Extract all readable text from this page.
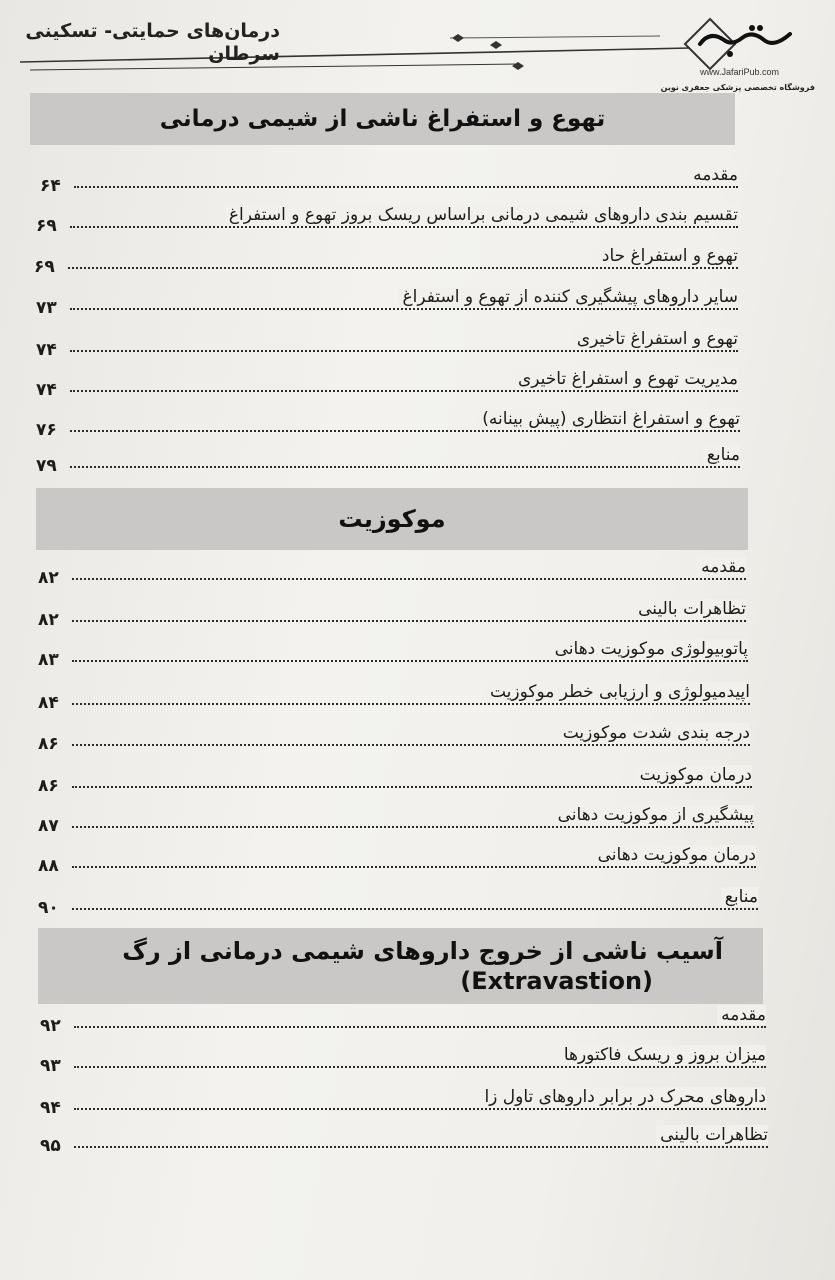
درمان‌های حمایتی- تسکینی سرطان
www.JafariPub.com
فروشگاه تخصصی پزشکی جعفری نوین
تهوع و استفراغ ناشی از شیمی درمانی
مقدمه
۶۴
تقسیم بندی داروهای شیمی درمانی براساس ریسک بروز تهوع و استفراغ
۶۹
تهوع و استفراغ حاد
۶۹
سایر داروهای پیشگیری کننده از تهوع و استفراغ
۷۳
تهوع و استفراغ تاخیری
۷۴
مدیریت تهوع و استفراغ تاخیری
۷۴
تهوع و استفراغ انتظاری (پیش بینانه)
۷۶
منابع
۷۹
موکوزیت
مقدمه
۸۲
تظاهرات بالینی
۸۲
پاتوبیولوژی موکوزیت دهانی
۸۳
اپیدمیولوژی و ارزیابی خطر موکوزیت
۸۴
درجه بندی شدت موکوزیت
۸۶
درمان موکوزیت
۸۶
پیشگیری از موکوزیت دهانی
۸۷
درمان موکوزیت دهانی
۸۸
منابع
۹۰
آسیب ناشی از خروج داروهای شیمی درمانی از رگ
(Extravastion)
مقدمه
۹۲
میزان بروز و ریسک فاکتورها
۹۳
داروهای محرک در برابر داروهای تاول زا
۹۴
تظاهرات بالینی
۹۵
